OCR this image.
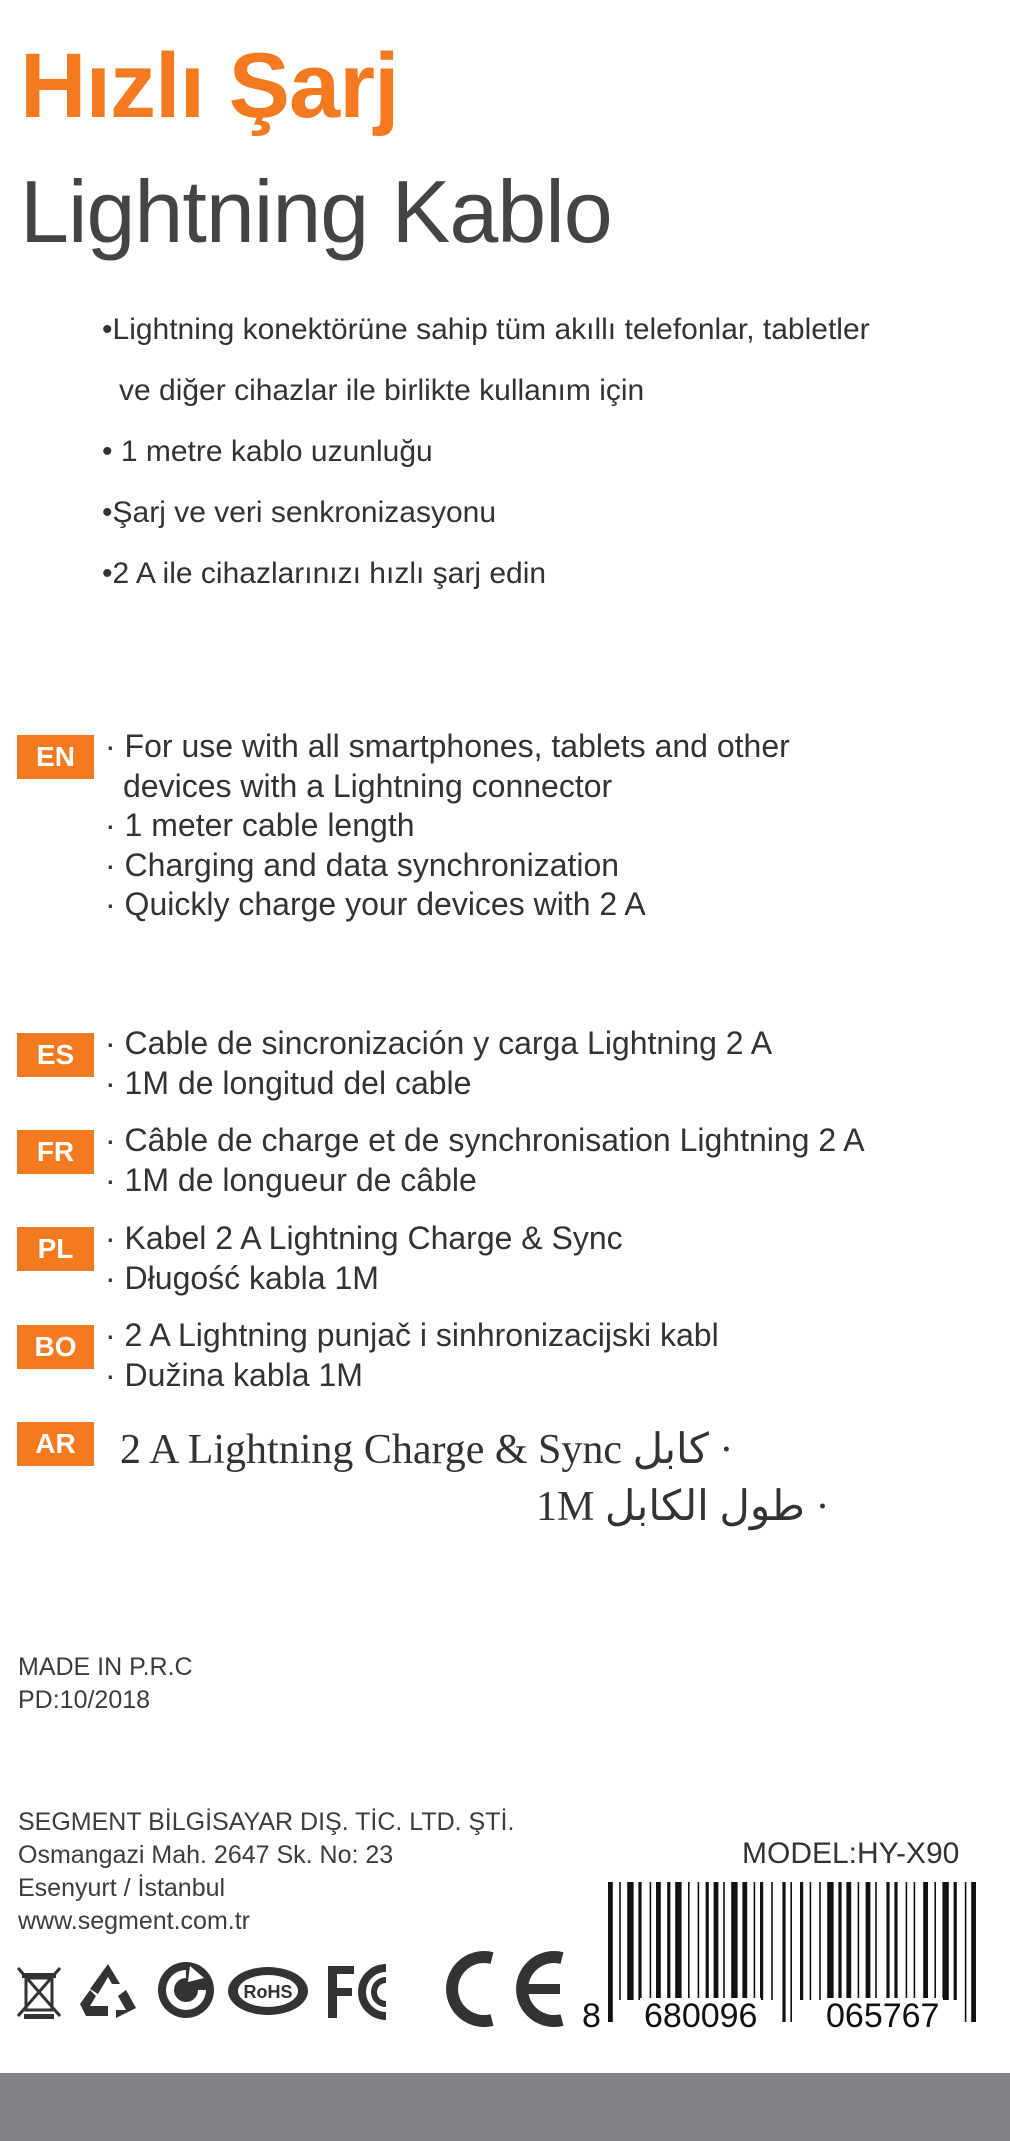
Hızlı Şarj
Lightning Kablo
•Lightning konektörüne sahip tüm akıllı telefonlar, tabletler
ve diğer cihazlar ile birlikte kullanım için
• 1 metre kablo uzunluğu
•Şarj ve veri senkronizasyonu
•2 A ile cihazlarınızı hızlı şarj edin
EN · For use with all smartphones, tablets and other
devices with a Lightning connector
· 1 meter cable length
· Charging and data synchronization
· Quickly charge your devices with 2 A
ES · Cable de sincronización y carga Lightning 2 A
· 1M de longitud del cable
FR · Câble de charge et de synchronisation Lightning 2 A
· 1M de longueur de câble
PL · Kabel 2 A Lightning Charge & Sync
· Długość kabla 1M
BO · 2 A Lightning punjač i sinhronizacijski kabl
· Dužina kabla 1M
AR	2 A Lightning Charge & Sync كابل ·
1M طول الكابل ·
MADE IN P.R.C
PD:10/2018
SEGMENT BİLGİSAYAR DIŞ. TİC. LTD. ŞTİ.
Osmangazi Mah. 2647 Sk. No: 23
Esenyurt / İstanbul
www.segment.com.tr
MODEL:HY-X90
8 680096 065767
RoHS
